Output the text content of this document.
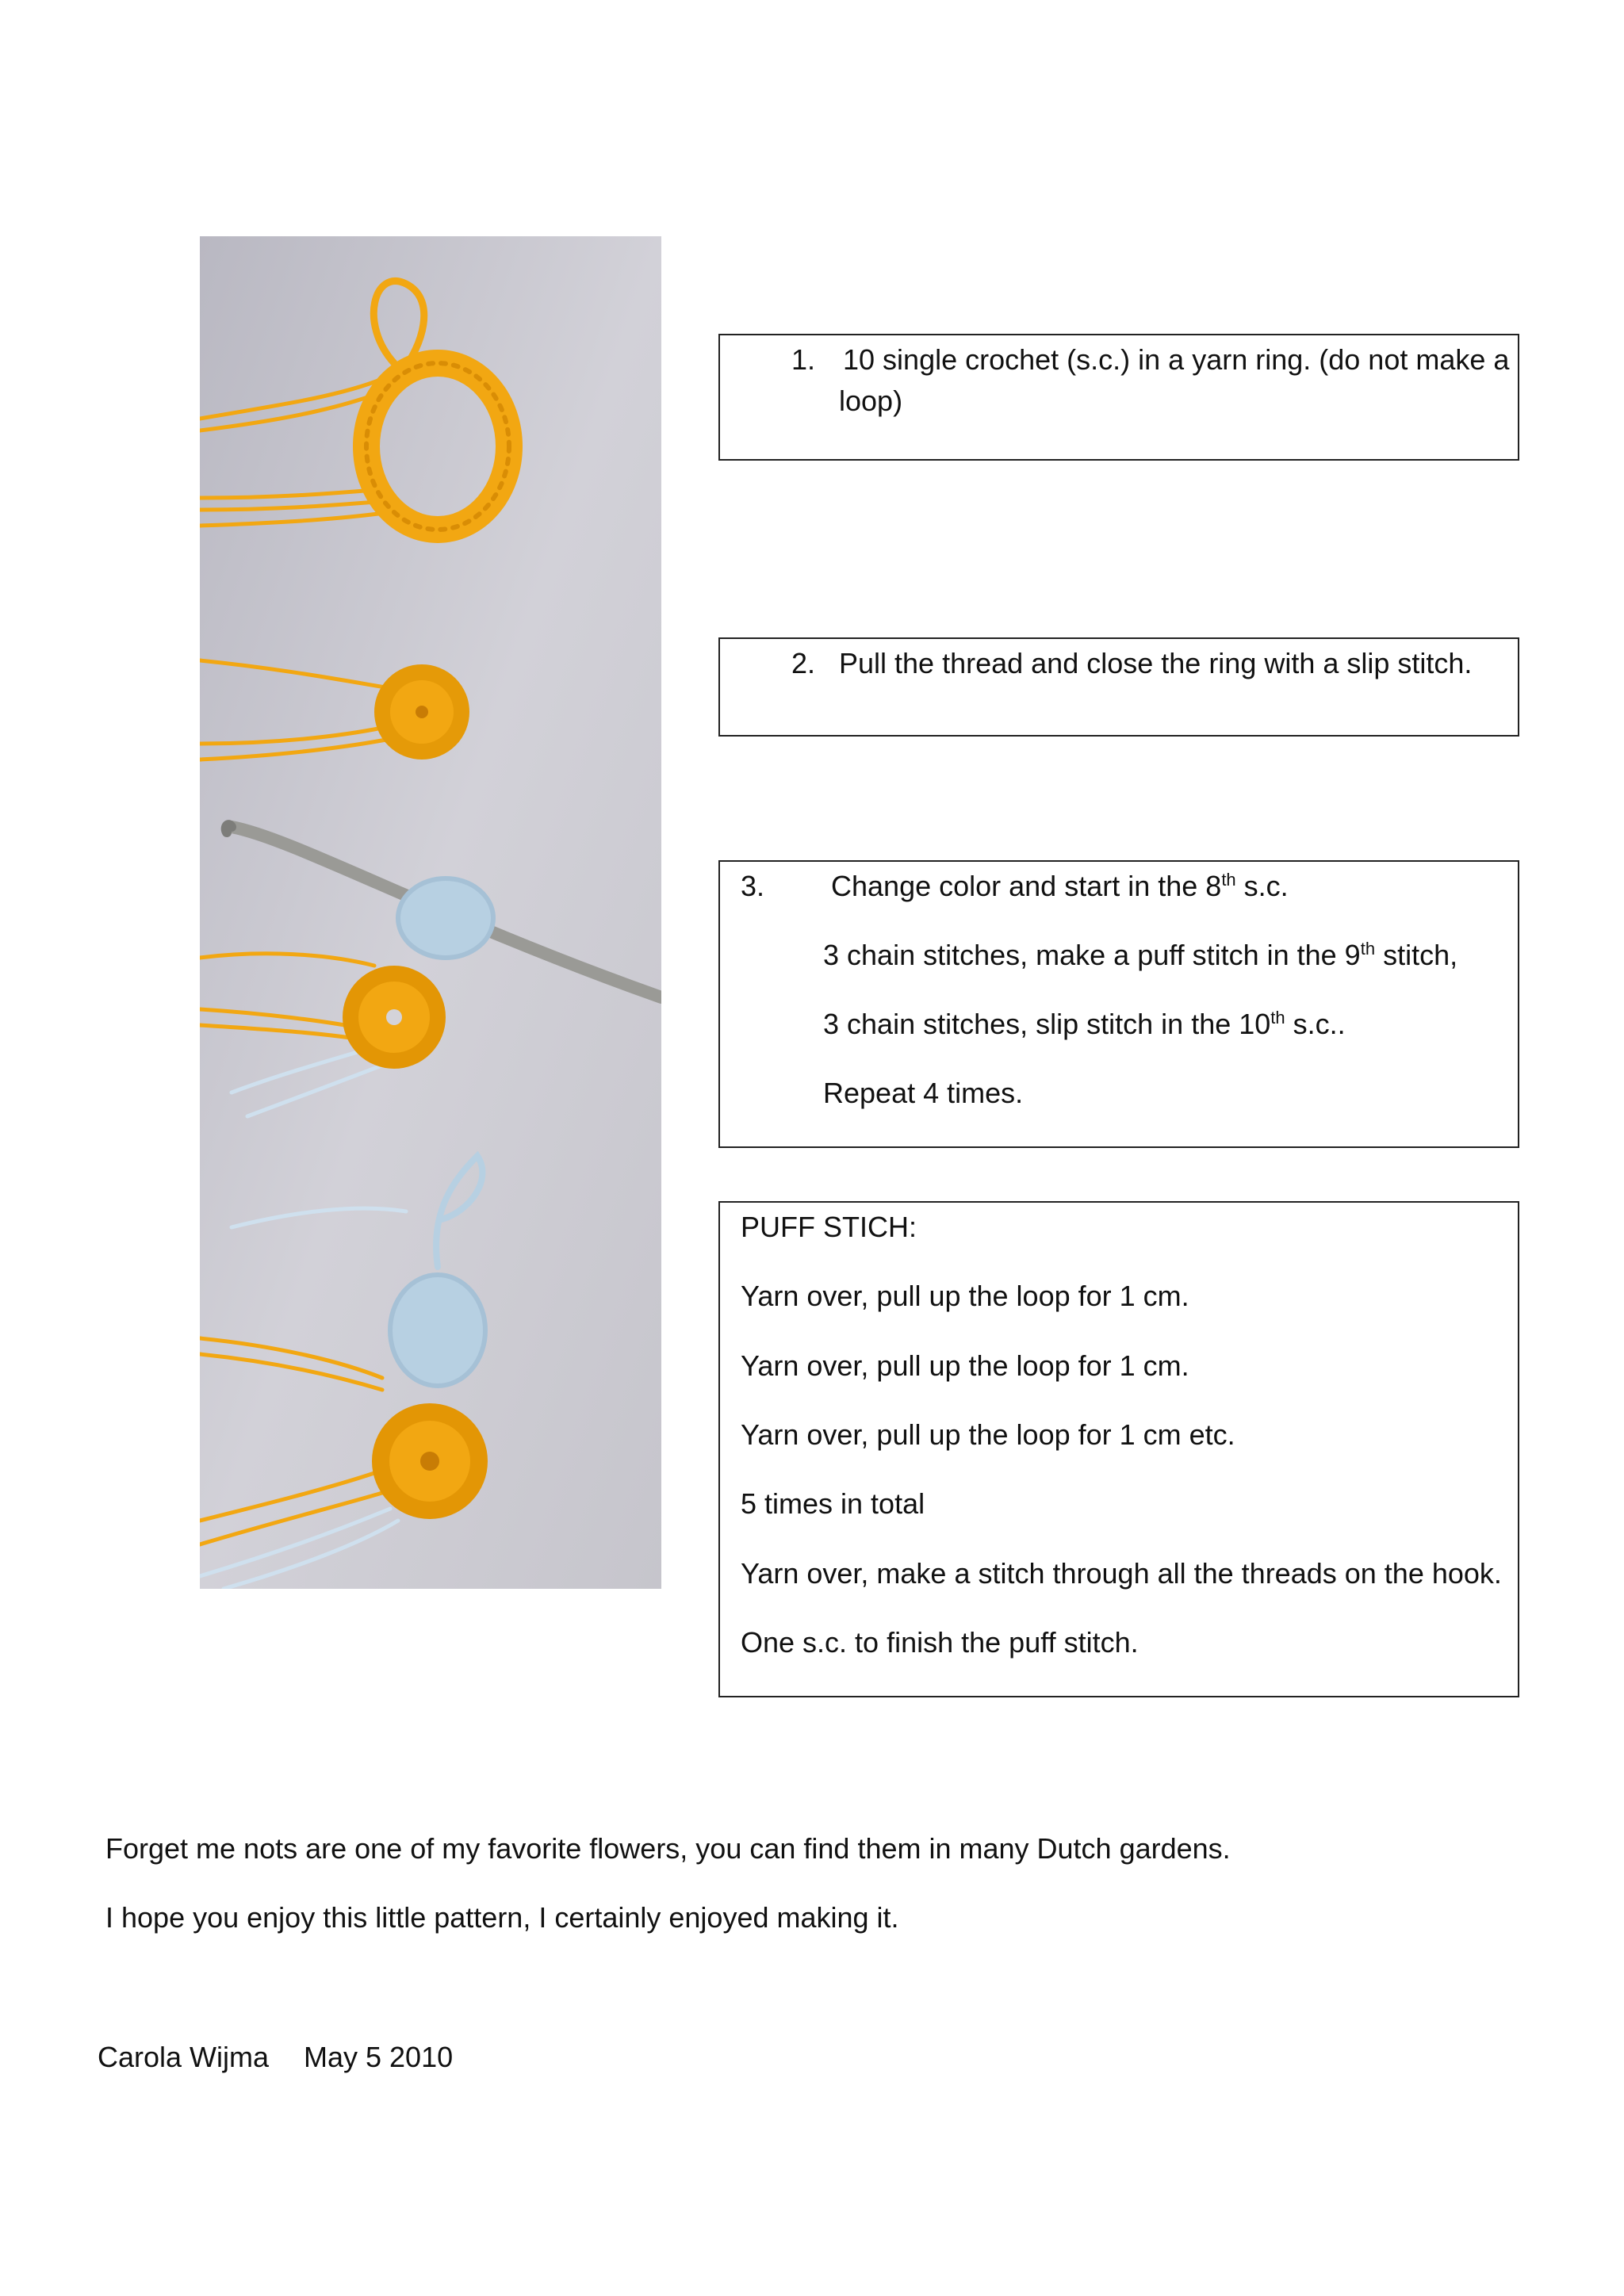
1. 10 single crochet (s.c.) in a yarn ring. (do not make a

loop)

2. Pull the thread and close the ring with a slip stitch.

3. Change color and start in the 8th s.c.

3 chain stitches, make a puff stitch in the 9th stitch,

3 chain stitches, slip stitch in the 10th s.c..

Repeat 4 times.

PUFF STICH:

Yarn over, pull up the loop for 1 cm.

Yarn over, pull up the loop for 1 cm.

Yarn over, pull up the loop for 1 cm etc.

5 times in total

Yarn over, make a stitch through all the threads on the hook.

One s.c. to finish the puff stitch.

Forget me nots are one of my favorite flowers, you can find them in many Dutch gardens.

I hope you enjoy this little pattern, I certainly enjoyed making it.

Carola Wijma May 5 2010
